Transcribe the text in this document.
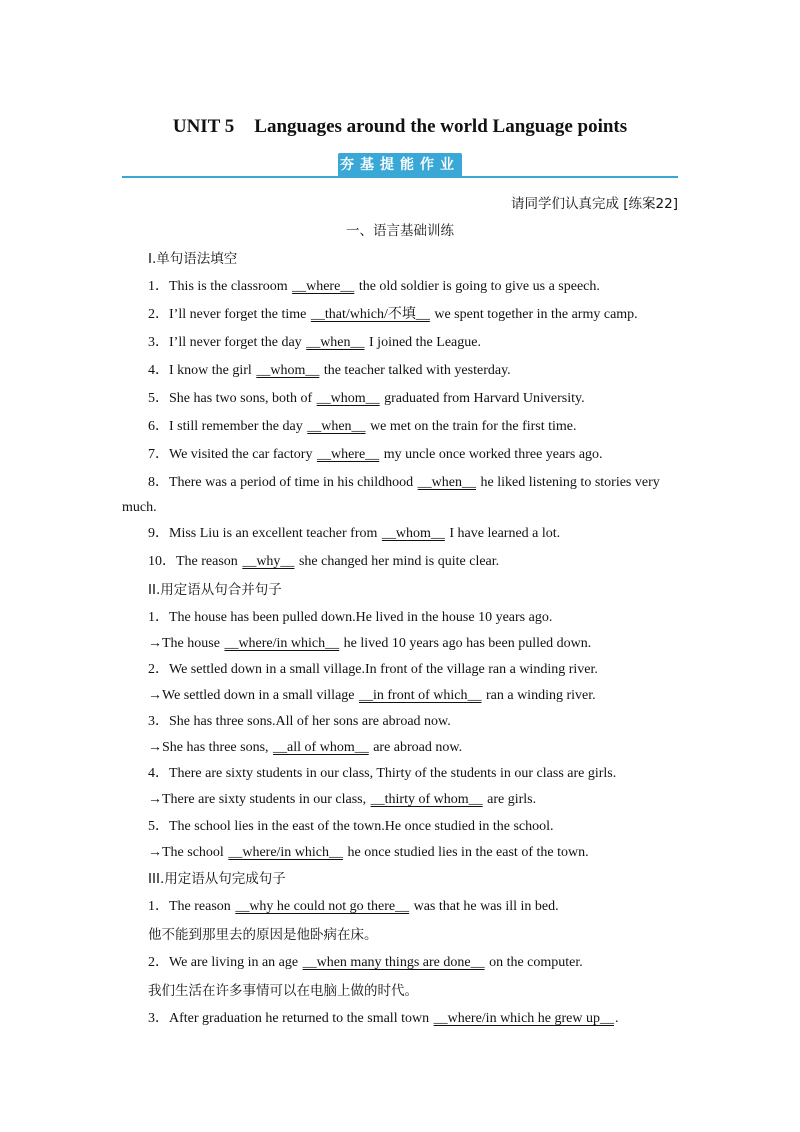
UNIT 5 Languages around the world Language points
夯基提能作业
请同学们认真完成 [练案22]
一、语言基础训练
I.单句语法填空
1．This is the classroom __where__ the old soldier is going to give us a speech.
2．I’ll never forget the time __that/which/不填__ we spent together in the army camp.
3．I’ll never forget the day __when__ I joined the League.
4．I know the girl __whom__ the teacher talked with yesterday.
5．She has two sons, both of __whom__ graduated from Harvard University.
6．I still remember the day __when__ we met on the train for the first time.
7．We visited the car factory __where__ my uncle once worked three years ago.
8．There was a period of time in his childhood __when__ he liked listening to stories very
much.
9．Miss Liu is an excellent teacher from __whom__ I have learned a lot.
10．The reason __why__ she changed her mind is quite clear.
II.用定语从句合并句子
1．The house has been pulled down.He lived in the house 10 years ago.
→The house __where/in which__ he lived 10 years ago has been pulled down.
2．We settled down in a small village.In front of the village ran a winding river.
→We settled down in a small village __in front of which__ ran a winding river.
3．She has three sons.All of her sons are abroad now.
→She has three sons, __all of whom__ are abroad now.
4．There are sixty students in our class, Thirty of the students in our class are girls.
→There are sixty students in our class, __thirty of whom__ are girls.
5．The school lies in the east of the town.He once studied in the school.
→The school __where/in which__ he once studied lies in the east of the town.
III.用定语从句完成句子
1．The reason __why he could not go there__ was that he was ill in bed.
他不能到那里去的原因是他卧病在床。
2．We are living in an age __when many things are done__ on the computer.
我们生活在许多事情可以在电脑上做的时代。
3．After graduation he returned to the small town __where/in which he grew up__.
